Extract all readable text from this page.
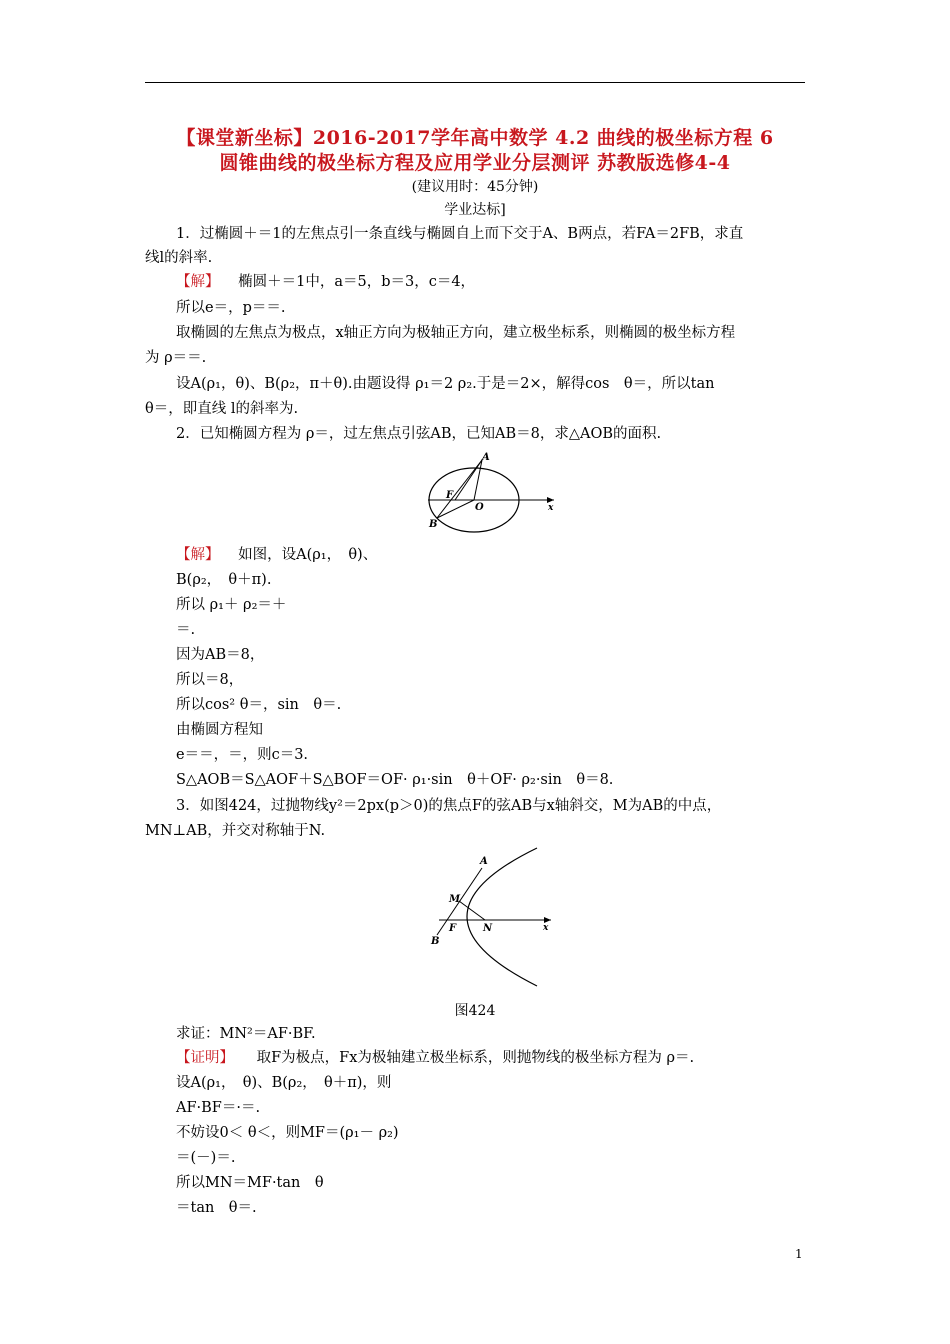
【课堂新坐标】2016-2017学年高中数学 4.2 曲线的极坐标方程 6
圆锥曲线的极坐标方程及应用学业分层测评 苏教版选修4-4
(建议用时：45分钟)
学业达标]
1．过椭圆＋＝1的左焦点引一条直线与椭圆自上而下交于A、B两点，若FA＝2FB，求直
线l的斜率.
【解】 椭圆＋＝1中，a＝5，b＝3，c＝4，
所以e＝，p＝＝.
取椭圆的左焦点为极点，x轴正方向为极轴正方向，建立极坐标系，则椭圆的极坐标方程
为 ρ＝＝.
设A(ρ₁，θ)、B(ρ₂，π＋θ).由题设得 ρ₁＝2 ρ₂.于是＝2×，解得cos　θ＝，所以tan
θ＝，即直线 l的斜率为.
2．已知椭圆方程为 ρ＝，过左焦点引弦AB，已知AB＝8，求△AOB的面积.
A
F
O
B
x
【解】 如图，设A(ρ₁，　θ)、
B(ρ₂，　θ＋π).
所以 ρ₁＋ ρ₂＝＋
＝.
因为AB＝8，
所以＝8，
所以cos² θ＝，sin　θ＝.
由椭圆方程知
e＝＝，＝，则c＝3.
S△AOB＝S△AOF＋S△BOF＝OF· ρ₁·sin　θ＋OF· ρ₂·sin　θ＝8.
3．如图424，过抛物线y²＝2px(p＞0)的焦点F的弦AB与x轴斜交，M为AB的中点，
MN⊥AB，并交对称轴于N.
A
M
F	N
B
x
图424
求证：MN²＝AF·BF.
【证明】 取F为极点，Fx为极轴建立极坐标系，则抛物线的极坐标方程为 ρ＝.
设A(ρ₁，　θ)、B(ρ₂，　θ＋π)，则
AF·BF＝·＝.
不妨设0＜ θ＜，则MF＝(ρ₁－ ρ₂)
＝(－)＝.
所以MN＝MF·tan　θ
＝tan　θ＝.
1
